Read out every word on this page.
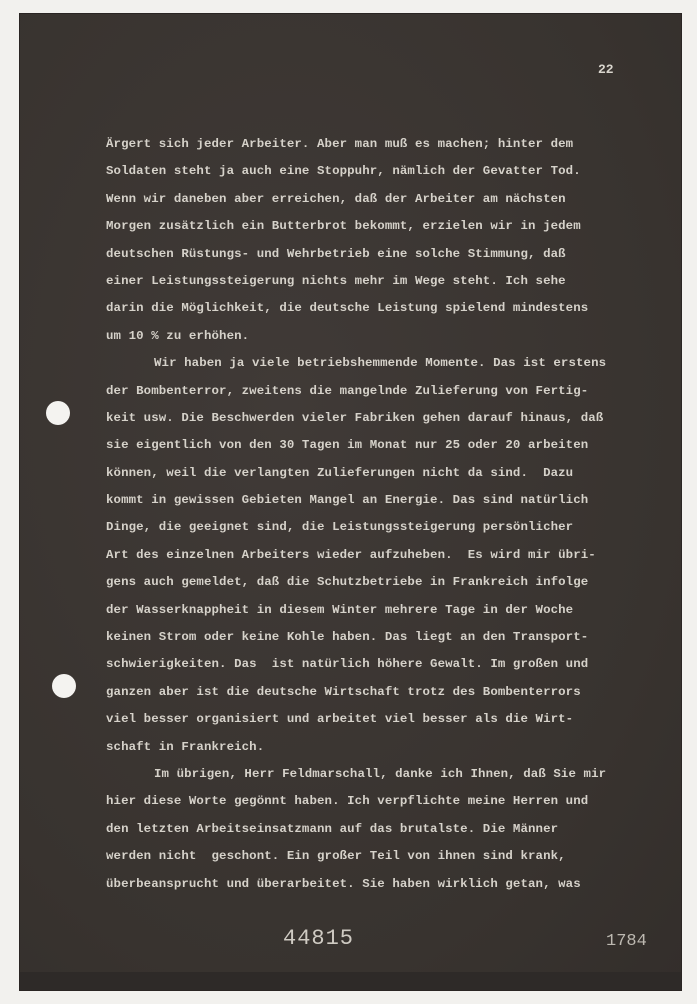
22
Ärgert sich jeder Arbeiter. Aber man muß es machen; hinter dem
Soldaten steht ja auch eine Stoppuhr, nämlich der Gevatter Tod.
Wenn wir daneben aber erreichen, daß der Arbeiter am nächsten
Morgen zusätzlich ein Butterbrot bekommt, erzielen wir in jedem
deutschen Rüstungs- und Wehrbetrieb eine solche Stimmung, daß
einer Leistungssteigerung nichts mehr im Wege steht. Ich sehe
darin die Möglichkeit, die deutsche Leistung spielend mindestens
um 10 % zu erhöhen.
Wir haben ja viele betriebshemmende Momente. Das ist erstens
der Bombenterror, zweitens die mangelnde Zulieferung von Fertig-
keit usw. Die Beschwerden vieler Fabriken gehen darauf hinaus, daß
sie eigentlich von den 30 Tagen im Monat nur 25 oder 20 arbeiten
können, weil die verlangten Zulieferungen nicht da sind.  Dazu
kommt in gewissen Gebieten Mangel an Energie. Das sind natürlich
Dinge, die geeignet sind, die Leistungssteigerung persönlicher
Art des einzelnen Arbeiters wieder aufzuheben.  Es wird mir übri-
gens auch gemeldet, daß die Schutzbetriebe in Frankreich infolge
der Wasserknappheit in diesem Winter mehrere Tage in der Woche
keinen Strom oder keine Kohle haben. Das liegt an den Transport-
schwierigkeiten. Das  ist natürlich höhere Gewalt. Im großen und
ganzen aber ist die deutsche Wirtschaft trotz des Bombenterrors
viel besser organisiert und arbeitet viel besser als die Wirt-
schaft in Frankreich.
Im übrigen, Herr Feldmarschall, danke ich Ihnen, daß Sie mir
hier diese Worte gegönnt haben. Ich verpflichte meine Herren und
den letzten Arbeitseinsatzmann auf das brutalste. Die Männer
werden nicht  geschont. Ein großer Teil von ihnen sind krank,
überbeansprucht und überarbeitet. Sie haben wirklich getan, was
44815	1784
